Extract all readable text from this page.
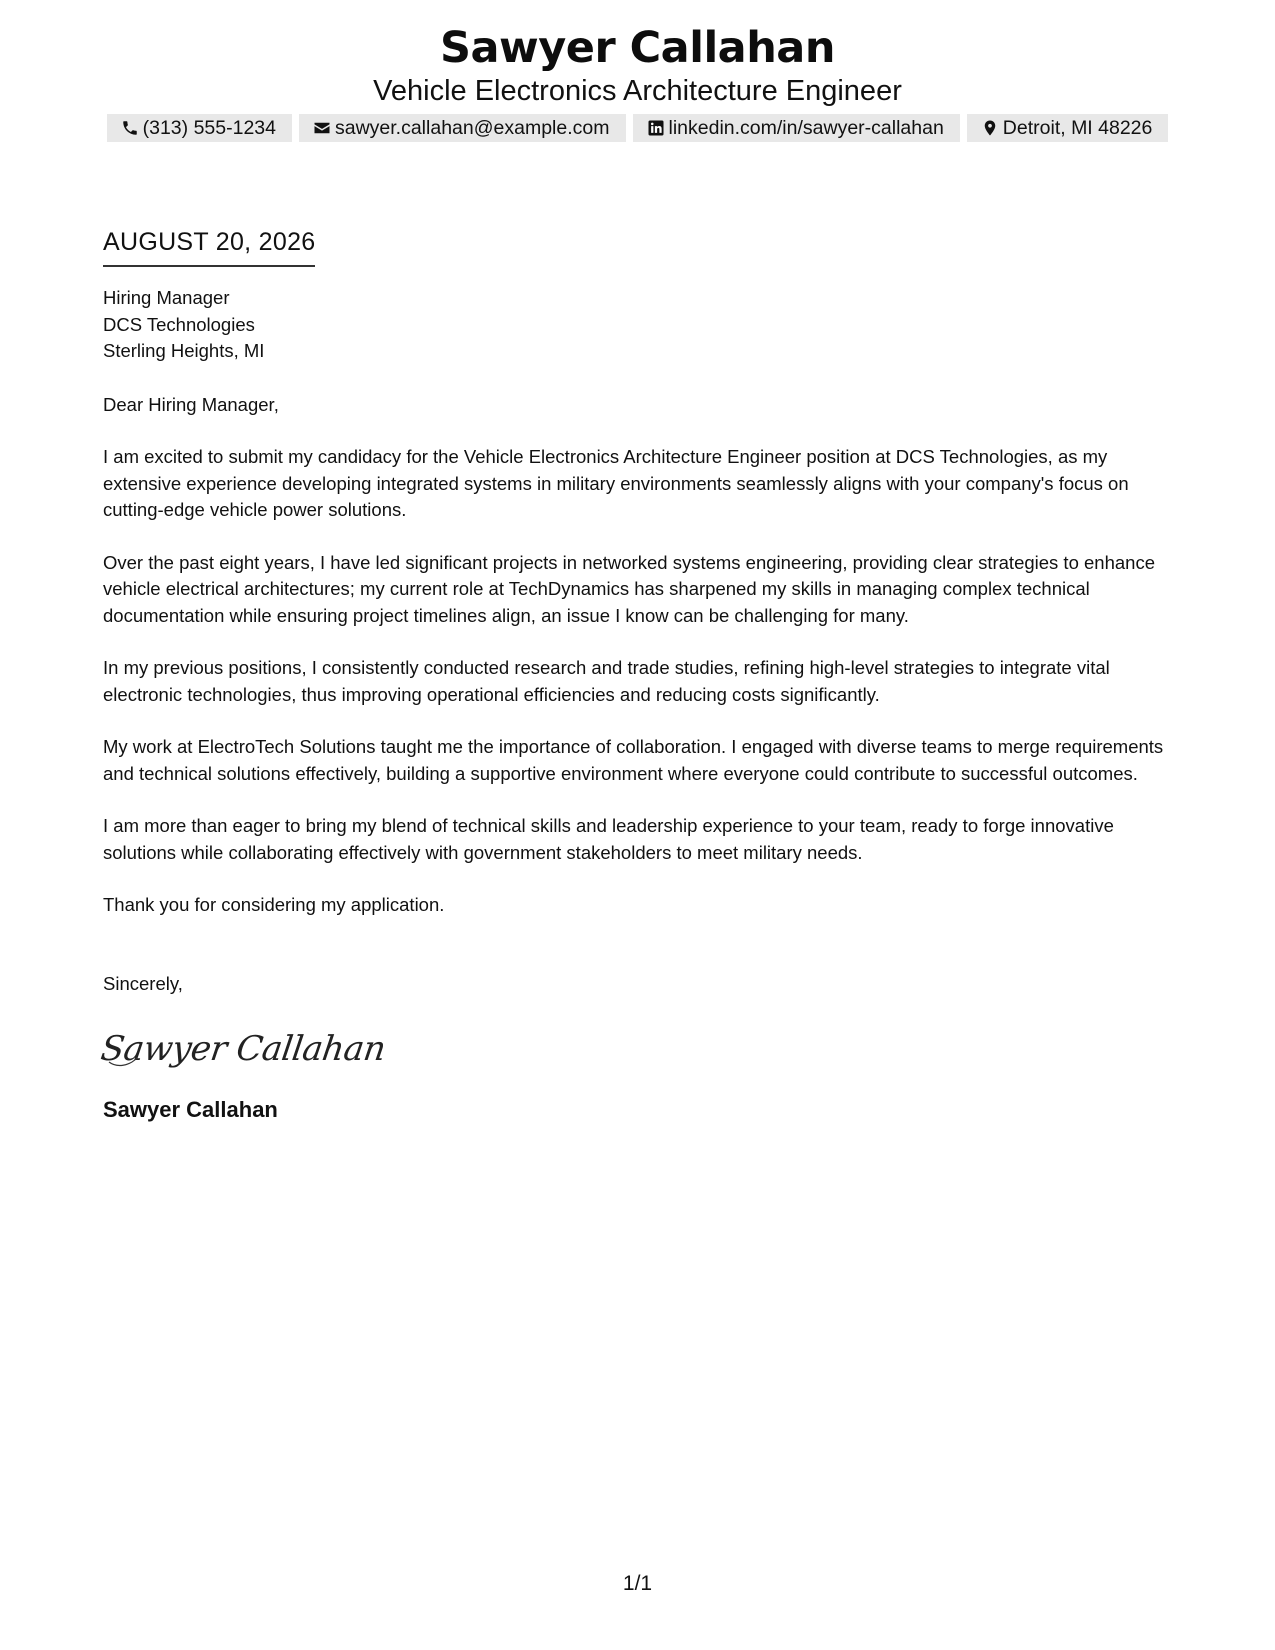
Sawyer Callahan
Vehicle Electronics Architecture Engineer
(313) 555-1234	sawyer.callahan@example.com	linkedin.com/in/sawyer-callahan	Detroit, MI 48226
AUGUST 20, 2026
Hiring Manager
DCS Technologies
Sterling Heights, MI
Dear Hiring Manager,
I am excited to submit my candidacy for the Vehicle Electronics Architecture Engineer position at DCS Technologies, as my extensive experience developing integrated systems in military environments seamlessly aligns with your company's focus on cutting-edge vehicle power solutions.
Over the past eight years, I have led significant projects in networked systems engineering, providing clear strategies to enhance vehicle electrical architectures; my current role at TechDynamics has sharpened my skills in managing complex technical documentation while ensuring project timelines align, an issue I know can be challenging for many.
In my previous positions, I consistently conducted research and trade studies, refining high-level strategies to integrate vital electronic technologies, thus improving operational efficiencies and reducing costs significantly.
My work at ElectroTech Solutions taught me the importance of collaboration. I engaged with diverse teams to merge requirements and technical solutions effectively, building a supportive environment where everyone could contribute to successful outcomes.
I am more than eager to bring my blend of technical skills and leadership experience to your team, ready to forge innovative solutions while collaborating effectively with government stakeholders to meet military needs.
Thank you for considering my application.
Sincerely,
Sawyer Callahan
Sawyer Callahan
1/1
